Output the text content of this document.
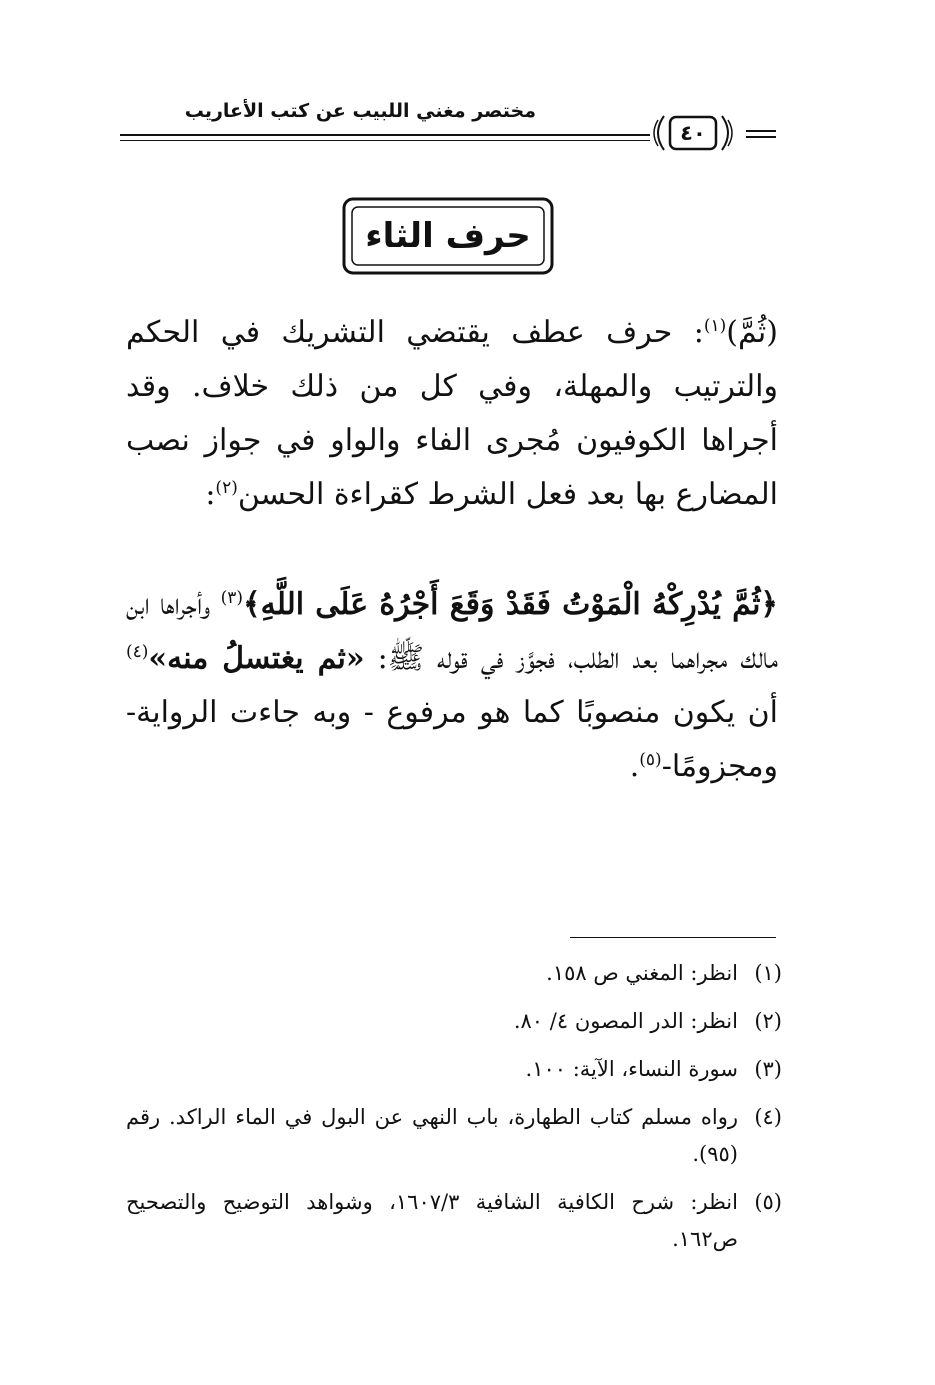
مختصر مغني اللبيب عن كتب الأعاريب
٤٠
حرف الثاء

(ثُمَّ)$^{(١)}$: حرف عطف يقتضي التشريك في الحكم والترتيب والمهلة، وفي كل من ذلك خلاف. وقد أجراها الكوفيون مُجرى الفاء والواو في جواز نصب المضارع بها بعد فعل الشرط كقراءة الحسن$^{(٢)}$:

﴿ثُمَّ يُدْرِكْهُ الْمَوْتُ فَقَدْ وَقَعَ أَجْرُهُ عَلَى اللَّهِ﴾$^{(٣)}$ وأجراها ابن مالك مجراهما بعد الطلب، فجوَّز في قوله ﷺ: «ثم يغتسلُ منه»$^{(٤)}$ أن يكون منصوبًا كما هو مرفوع - وبه جاءت الرواية- ومجزومًا-$^{(٥)}$.

(١)
انظر: المغني ص ١٥٨.

(٢)
انظر: الدر المصون ٤/ ٨٠.

(٣)
سورة النساء، الآية: ١٠٠.

(٤)
رواه مسلم كتاب الطهارة، باب النهي عن البول في الماء الراكد. رقم (٩٥).

(٥)
انظر: شرح الكافية الشافية ١٦٠٧/٣، وشواهد التوضيح والتصحيح ص١٦٢.
